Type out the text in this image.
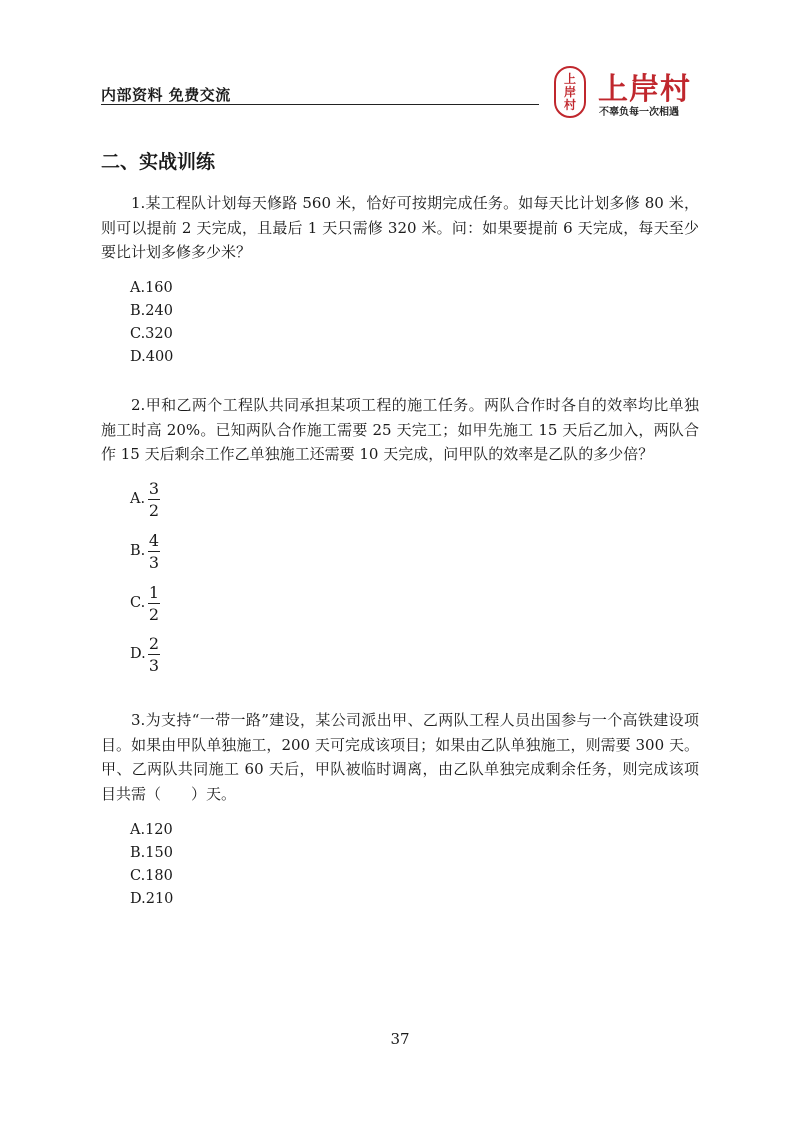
内部资料 免费交流
上
岸
村 上岸村
不辜负每一次相遇
二、实战训练
1.某工程队计划每天修路 560 米，恰好可按期完成任务。如每天比计划多修 80 米，则可以提前 2 天完成，且最后 1 天只需修 320 米。问：如果要提前 6 天完成，每天至少要比计划多修多少米？
A.160
B.240
C.320
D.400
2.甲和乙两个工程队共同承担某项工程的施工任务。两队合作时各自的效率均比单独施工时高 20%。已知两队合作施工需要 25 天完工；如甲先施工 15 天后乙加入，两队合作 15 天后剩余工作乙单独施工还需要 10 天完成，问甲队的效率是乙队的多少倍？
A.
3
2
B.
4
3
C.
1
2
D.
2
3
3.为支持“一带一路”建设，某公司派出甲、乙两队工程人员出国参与一个高铁建设项目。如果由甲队单独施工，200 天可完成该项目；如果由乙队单独施工，则需要 300 天。甲、乙两队共同施工 60 天后，甲队被临时调离，由乙队单独完成剩余任务，则完成该项目共需（　　）天。
A.120
B.150
C.180
D.210
37
